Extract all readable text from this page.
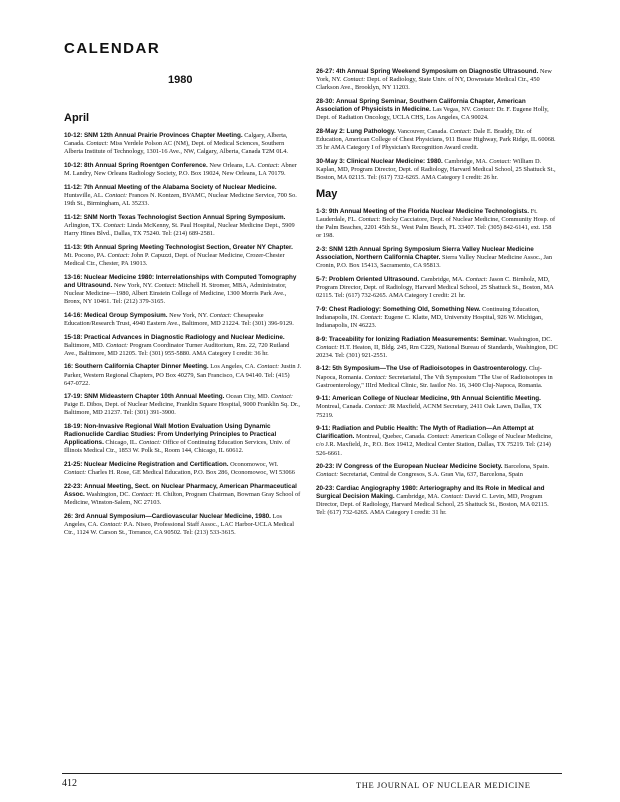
CALENDAR
1980
April

10-12: SNM 12th Annual Prairie Provinces Chapter Meeting. Calgary, Alberta, Canada. Contact: Miss Verdele Polson AC (NM), Dept. of Medical Sciences, Southern Alberta Institute of Technology, 1301-16 Ave., NW, Calgary, Alberta, Canada T2M 0L4.

10-12: 8th Annual Spring Roentgen Conference. New Orleans, LA. Contact: Abner M. Landry, New Orleans Radiology Society, P.O. Box 19024, New Orleans, LA 70179.

11-12: 7th Annual Meeting of the Alabama Society of Nuclear Medicine. Huntsville, AL. Contact: Frances N. Kontzen, BVAMC, Nuclear Medicine Service, 700 So. 19th St., Birmingham, AL 35233.

11-12: SNM North Texas Technologist Section Annual Spring Symposium. Arlington, TX. Contact: Linda McKenny, St. Paul Hospital, Nuclear Medicine Dept., 5909 Harry Hines Blvd., Dallas, TX 75240. Tel: (214) 689-2581.

11-13: 9th Annual Spring Meeting Technologist Section, Greater NY Chapter. Mt. Pocono, PA. Contact: John P. Capuzzi, Dept. of Nuclear Medicine, Crozer-Chester Medical Ctr., Chester, PA 19013.

13-16: Nuclear Medicine 1980: Interrelationships with Computed Tomography and Ultrasound. New York, NY. Contact: Mitchell H. Stromer, MBA, Administrator, Nuclear Medicine—1980, Albert Einstein College of Medicine, 1300 Morris Park Ave., Bronx, NY 10461. Tel: (212) 379-3165.

14-16: Medical Group Symposium. New York, NY. Contact: Chesapeake Education/Research Trust, 4940 Eastern Ave., Baltimore, MD 21224. Tel: (301) 396-9129.

15-18: Practical Advances in Diagnostic Radiology and Nuclear Medicine. Baltimore, MD. Contact: Program Coordinator Turner Auditorium, Rm. 22, 720 Rutland Ave., Baltimore, MD 21205. Tel: (301) 955-5880. AMA Category I credit: 36 hr.

16: Southern California Chapter Dinner Meeting. Los Angeles, CA. Contact: Justin J. Parker, Western Regional Chapters, PO Box 40279, San Francisco, CA 94140. Tel: (415) 647-0722.

17-19: SNM Mideastern Chapter 10th Annual Meeting. Ocean City, MD. Contact: Paige E. Dibos, Dept. of Nuclear Medicine, Franklin Square Hospital, 9000 Franklin Sq. Dr., Baltimore, MD 21237. Tel: (301) 391-3900.

18-19: Non-Invasive Regional Wall Motion Evaluation Using Dynamic Radionuclide Cardiac Studies: From Underlying Principles to Practical Applications. Chicago, IL. Contact: Office of Continuing Education Services, Univ. of Illinois Medical Ctr., 1853 W. Polk St., Room 144, Chicago, IL 60612.

21-25: Nuclear Medicine Registration and Certification. Oconomowoc, WI. Contact: Charles H. Rose, GE Medical Education, P.O. Box 286, Oconomowoc, WI 53066

22-23: Annual Meeting, Sect. on Nuclear Pharmacy, American Pharmaceutical Assoc. Washington, DC. Contact: H. Chilton, Program Chairman, Bowman Gray School of Medicine, Winston-Salem, NC 27103.

26: 3rd Annual Symposium—Cardiovascular Nuclear Medicine, 1980. Los Angeles, CA. Contact: P.A. Niseo, Professional Staff Assoc., LAC Harbor-UCLA Medical Ctr., 1124 W. Carson St., Torrance, CA 90502. Tel: (213) 533-3615.

26-27: 4th Annual Spring Weekend Symposium on Diagnostic Ultrasound. New York, NY. Contact: Dept. of Radiology, State Univ. of NY, Downstate Medical Ctr., 450 Clarkson Ave., Brooklyn, NY 11203.

28-30: Annual Spring Seminar, Southern California Chapter, American Association of Physicists in Medicine. Las Vegas, NV. Contact: Dr. F. Eugene Holly, Dept. of Radiation Oncology, UCLA CHS, Los Angeles, CA 90024.

28-May 2: Lung Pathology. Vancouver, Canada. Contact: Dale E. Braddy, Dir. of Education, American College of Chest Physicians, 911 Busse Highway, Park Ridge, IL 60068. 35 hr AMA Category I of Physician's Recognition Award credit.

30-May 3: Clinical Nuclear Medicine: 1980. Cambridge, MA. Contact: William D. Kaplan, MD, Program Director, Dept. of Radiology, Harvard Medical School, 25 Shattuck St., Boston, MA 02115. Tel: (617) 732-6265. AMA Category I credit: 26 hr.

May

1-3: 9th Annual Meeting of the Florida Nuclear Medicine Technologists. Ft. Lauderdale, FL. Contact: Becky Cacciatore, Dept. of Nuclear Medicine, Community Hosp. of the Palm Beaches, 2201 45th St., West Palm Beach, FL 33407. Tel: (305) 842-6141, ext. 158 or 198.

2-3: SNM 12th Annual Spring Symposium Sierra Valley Nuclear Medicine Association, Northern California Chapter. Sierra Valley Nuclear Medicine Assoc., Jan Cronin, P.O. Box 15413, Sacramento, CA 95813.

5-7: Problem Oriented Ultrasound. Cambridge, MA. Contact: Jason C. Birnholz, MD, Program Director, Dept. of Radiology, Harvard Medical School, 25 Shattuck St., Boston, MA 02115. Tel: (617) 732-6265. AMA Category I credit: 21 hr.

7-9: Chest Radiology: Something Old, Something New. Continuing Education, Indianapolis, IN. Contact: Eugene C. Klatte, MD, University Hospital, 926 W. Michigan, Indianapolis, IN 46223.

8-9: Traceability for Ionizing Radiation Measurements: Seminar. Washington, DC. Contact: H.T. Heaton, II, Bldg. 245, Rm C229, National Bureau of Standards, Washington, DC 20234. Tel: (301) 921-2551.

8-12: 5th Symposium—The Use of Radioisotopes in Gastroenterology. Cluj-Napoca, Romania. Contact: Secretariatul, The Vth Symposium "The Use of Radioisotopes in Gastroenterology," IIIrd Medical Clinic, Str. Iasilor No. 16, 3400 Cluj-Napoca, Romania.

9-11: American College of Nuclear Medicine, 9th Annual Scientific Meeting. Montreal, Canada. Contact: JR Maxfield, ACNM Secretary, 2411 Oak Lawn, Dallas, TX 75219.

9-11: Radiation and Public Health: The Myth of Radiation—An Attempt at Clarification. Montreal, Quebec, Canada. Contact: American College of Nuclear Medicine, c/o J.R. Maxfield, Jr., P.O. Box 19412, Medical Center Station, Dallas, TX 75219. Tel: (214) 526-6661.

20-23: IV Congress of the European Nuclear Medicine Society. Barcelona, Spain. Contact: Secretariat, Central de Congresos, S.A. Gran Via, 637, Barcelona, Spain

20-23: Cardiac Angiography 1980: Arteriography and Its Role in Medical and Surgical Decision Making. Cambridge, MA. Contact: David C. Levin, MD, Program Director, Dept. of Radiology, Harvard Medical School, 25 Shattuck St., Boston, MA 02115. Tel: (617) 732-6265. AMA Category I credit: 31 hr.

412	THE JOURNAL OF NUCLEAR MEDICINE
